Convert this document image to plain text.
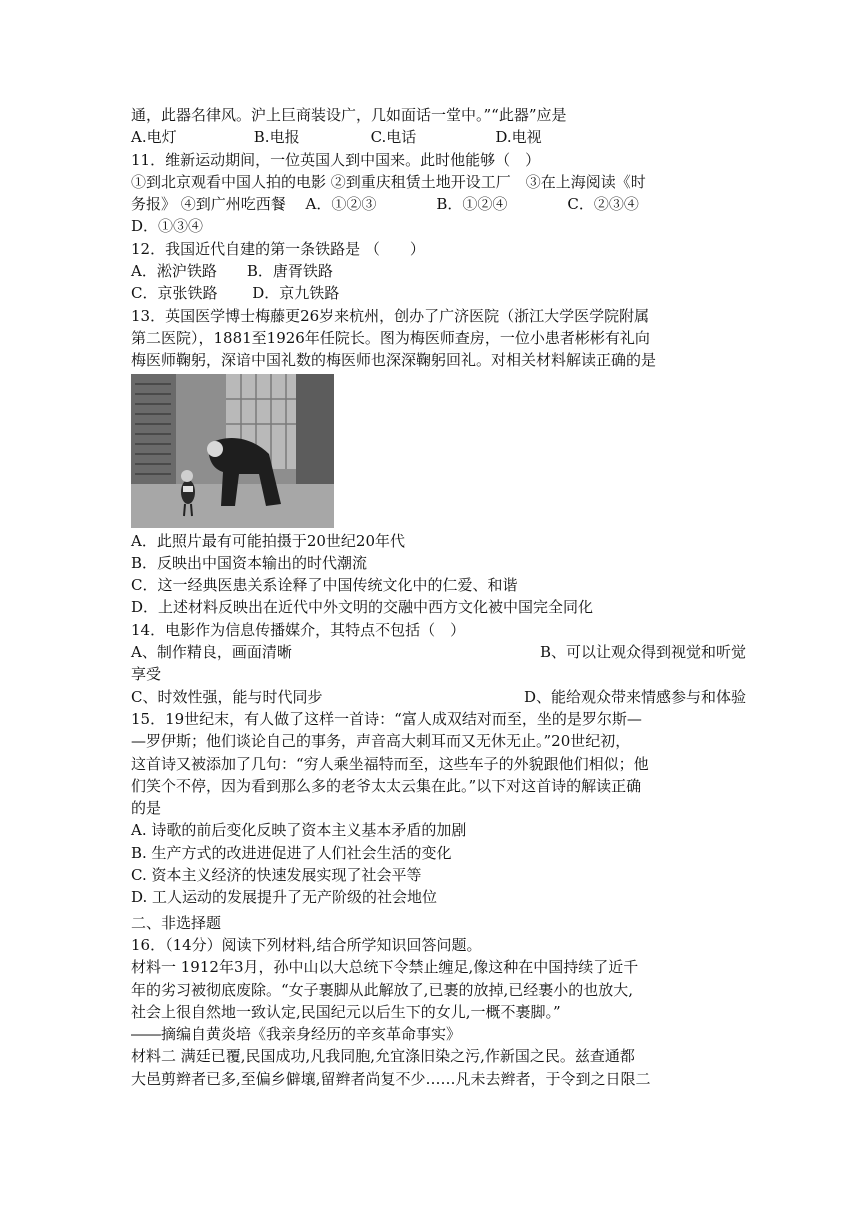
通，此器名律风。沪上巨商装设广，几如面话一堂中。”“此器”应是
A.电灯	B.电报	C.电话	D.电视
11．维新运动期间，一位英国人到中国来。此时他能够（　）
①到北京观看中国人拍的电影 ②到重庆租赁土地开设工厂　③在上海阅读《时
务报》 ④到广州吃西餐　 A．①②③　　　　B．①②④　　　　C．②③④
D．①③④
12．我国近代自建的第一条铁路是 （　　）
A．淞沪铁路　　B．唐胥铁路
C．京张铁路　　 D．京九铁路
13．英国医学博士梅藤更26岁来杭州，创办了广济医院（浙江大学医学院附属
第二医院），1881至1926年任院长。图为梅医师查房，一位小患者彬彬有礼向
梅医师鞠躬，深谙中国礼数的梅医师也深深鞠躬回礼。对相关材料解读正确的是
A．此照片最有可能拍摄于20世纪20年代
B．反映出中国资本输出的时代潮流
C．这一经典医患关系诠释了中国传统文化中的仁爱、和谐
D．上述材料反映出在近代中外文明的交融中西方文化被中国完全同化
14．电影作为信息传播媒介，其特点不包括（　）
A、制作精良，画面清晰	B、可以让观众得到视觉和听觉
享受
C、时效性强，能与时代同步	D、能给观众带来情感参与和体验
15．19世纪末，有人做了这样一首诗：“富人成双结对而至，坐的是罗尔斯—
—罗伊斯；他们谈论自己的事务，声音高大刺耳而又无休无止。”20世纪初，
这首诗又被添加了几句：“穷人乘坐福特而至，这些车子的外貌跟他们相似；他
们笑个不停，因为看到那么多的老爷太太云集在此。”以下对这首诗的解读正确
的是
A. 诗歌的前后变化反映了资本主义基本矛盾的加剧
B. 生产方式的改进进促进了人们社会生活的变化
C. 资本主义经济的快速发展实现了社会平等
D. 工人运动的发展提升了无产阶级的社会地位
二、非选择题
16．（14分）阅读下列材料,结合所学知识回答问题。
材料一 1912年3月，孙中山以大总统下令禁止缠足,像这种在中国持续了近千
年的劣习被彻底废除。“女子裹脚从此解放了,已裹的放掉,已经裹小的也放大,
社会上很自然地一致认定,民国纪元以后生下的女儿,一概不裹脚。”
――摘编自黄炎培《我亲身经历的辛亥革命事实》
材料二 满廷已覆,民国成功,凡我同胞,允宜涤旧染之污,作新国之民。兹查通都
大邑剪辫者已多,至偏乡僻壤,留辫者尚复不少……凡未去辫者，于令到之日限二
